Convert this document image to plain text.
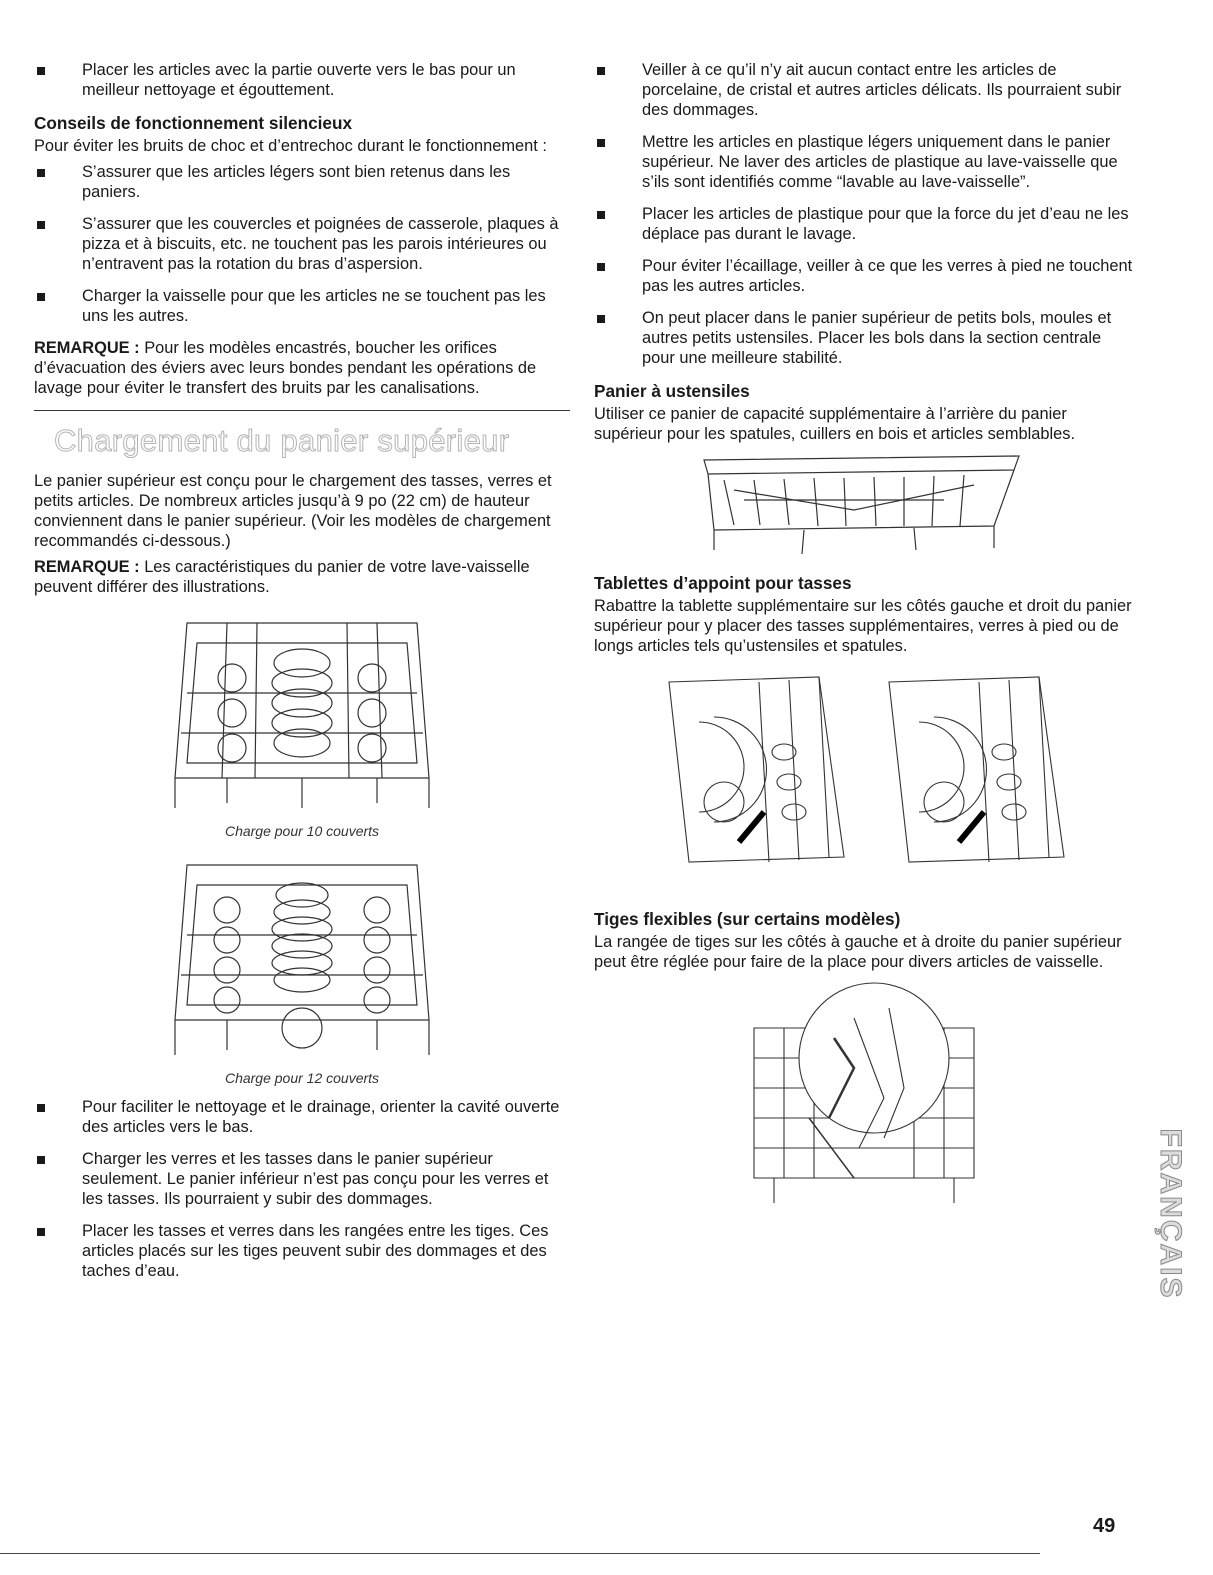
Placer les articles avec la partie ouverte vers le bas pour un meilleur nettoyage et égouttement.
Conseils de fonctionnement silencieux

Pour éviter les bruits de choc et d’entrechoc durant le fonctionnement :

S’assurer que les articles légers sont bien retenus dans les paniers.
S’assurer que les couvercles et poignées de casserole, plaques à pizza et à biscuits, etc. ne touchent pas les parois intérieures ou n’entravent pas la rotation du bras d’aspersion.
Charger la vaisselle pour que les articles ne se touchent pas les uns les autres.

REMARQUE : Pour les modèles encastrés, boucher les orifices d’évacuation des éviers avec leurs bondes pendant les opérations de lavage pour éviter le transfert des bruits par les canalisations.

Chargement du panier supérieur

Le panier supérieur est conçu pour le chargement des tasses, verres et petits articles. De nombreux articles jusqu’à 9 po (22 cm) de hauteur conviennent dans le panier supérieur. (Voir les modèles de chargement recommandés ci-dessous.)

REMARQUE : Les caractéristiques du panier de votre lave-vaisselle peuvent différer des illustrations.

Charge pour 10 couverts
Charge pour 12 couverts
Pour faciliter le nettoyage et le drainage, orienter la cavité ouverte des articles vers le bas.
Charger les verres et les tasses dans le panier supérieur seulement. Le panier inférieur n’est pas conçu pour les verres et les tasses. Ils pourraient y subir des dommages.
Placer les tasses et verres dans les rangées entre les tiges. Ces articles placés sur les tiges peuvent subir des dommages et des taches d’eau.
Veiller à ce qu’il n’y ait aucun contact entre les articles de porcelaine, de cristal et autres articles délicats. Ils pourraient subir des dommages.
Mettre les articles en plastique légers uniquement dans le panier supérieur. Ne laver des articles de plastique au lave-vaisselle que s’ils sont identifiés comme “lavable au lave-vaisselle”.
Placer les articles de plastique pour que la force du jet d’eau ne les déplace pas durant le lavage.
Pour éviter l’écaillage, veiller à ce que les verres à pied ne touchent pas les autres articles.
On peut placer dans le panier supérieur de petits bols, moules et autres petits ustensiles. Placer les bols dans la section centrale pour une meilleure stabilité.
Panier à ustensiles

Utiliser ce panier de capacité supplémentaire à l’arrière du panier supérieur pour les spatules, cuillers en bois et articles semblables.

Tablettes d’appoint pour tasses

Rabattre la tablette supplémentaire sur les côtés gauche et droit du panier supérieur pour y placer des tasses supplémentaires, verres à pied ou de longs articles tels qu’ustensiles et spatules.

Tiges flexibles (sur certains modèles)

La rangée de tiges sur les côtés à gauche et à droite du panier supérieur peut être réglée pour faire de la place pour divers articles de vaisselle.

FRANÇAIS
49
